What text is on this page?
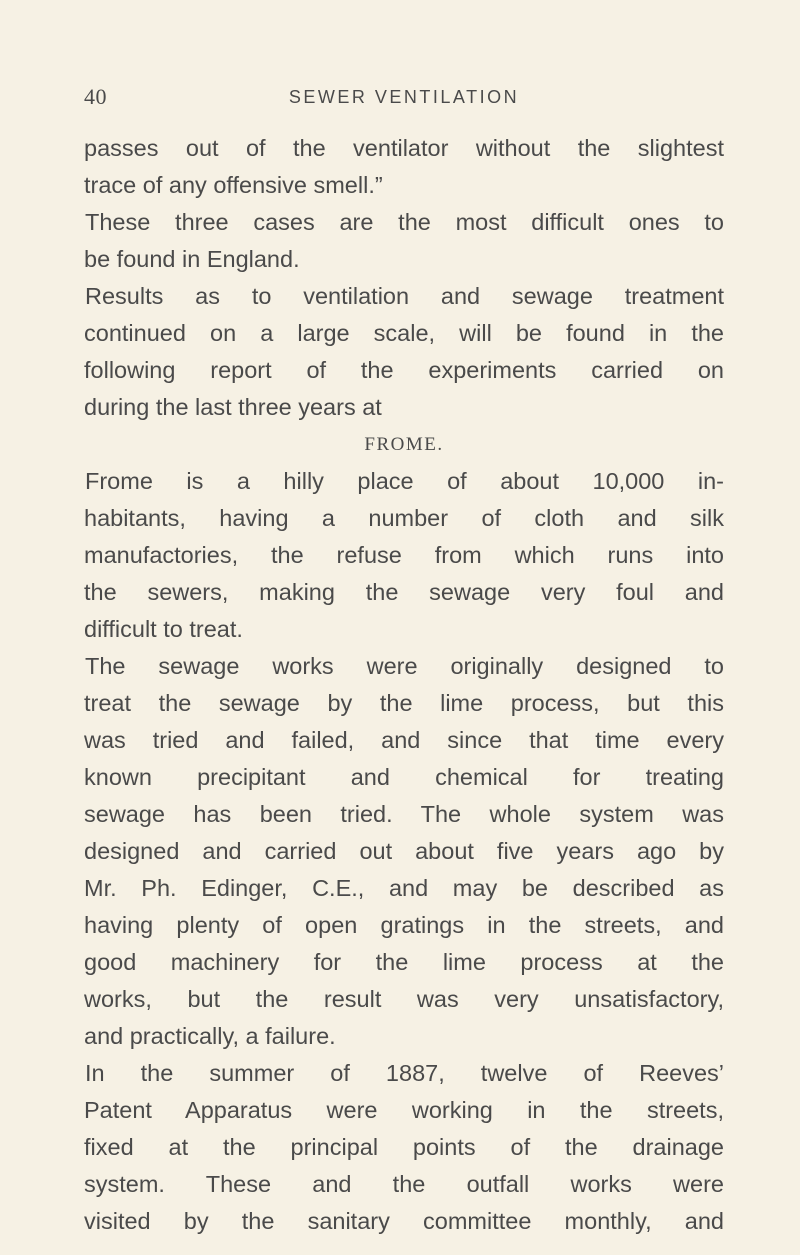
40	SEWER VENTILATION
passes out of the ventilator without the slightest
trace of any offensive smell.”
These three cases are the most difficult ones to
be found in England.
Results as to ventilation and sewage treatment
continued on a large scale, will be found in the
following report of the experiments carried on
during the last three years at
FROME.
Frome is a hilly place of about 10,000 in-
habitants, having a number of cloth and silk
manufactories, the refuse from which runs into
the sewers, making the sewage very foul and
difficult to treat.
The sewage works were originally designed to
treat the sewage by the lime process, but this
was tried and failed, and since that time every
known precipitant and chemical for treating
sewage has been tried. The whole system was
designed and carried out about five years ago by
Mr. Ph. Edinger, C.E., and may be described as
having plenty of open gratings in the streets, and
good machinery for the lime process at the
works, but the result was very unsatisfactory,
and practically, a failure.
In the summer of 1887, twelve of Reeves’
Patent Apparatus were working in the streets,
fixed at the principal points of the drainage
system. These and the outfall works were
visited by the sanitary committee monthly, and
